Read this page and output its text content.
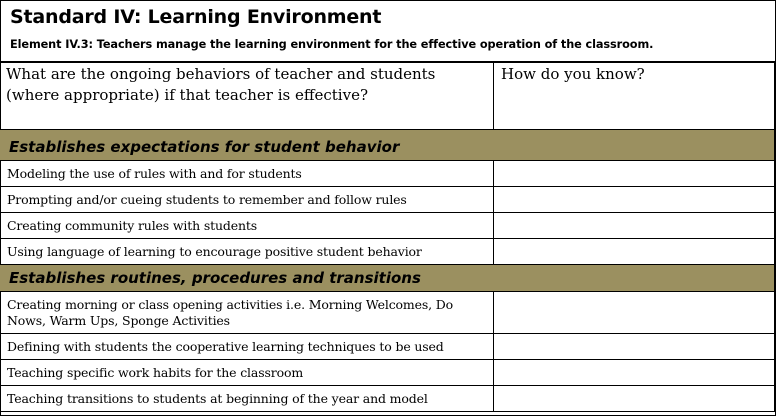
Standard IV: Learning Environment
Element IV.3: Teachers manage the learning environment for the effective operation of the classroom.
What are the ongoing behaviors of teacher and students (where appropriate) if that teacher is effective?	How do you know?
Establishes expectations for student behavior	
Modeling the use of rules with and for students	
Prompting and/or cueing students to remember and follow rules	
Creating community rules with students	
Using language of learning to encourage positive student behavior	
Establishes routines, procedures and transitions	
Creating morning or class opening activities i.e. Morning Welcomes, Do Nows, Warm Ups, Sponge Activities	
Defining with students the cooperative learning techniques to be used	
Teaching specific work habits for the classroom	
Teaching transitions to students at beginning of the year and model	
